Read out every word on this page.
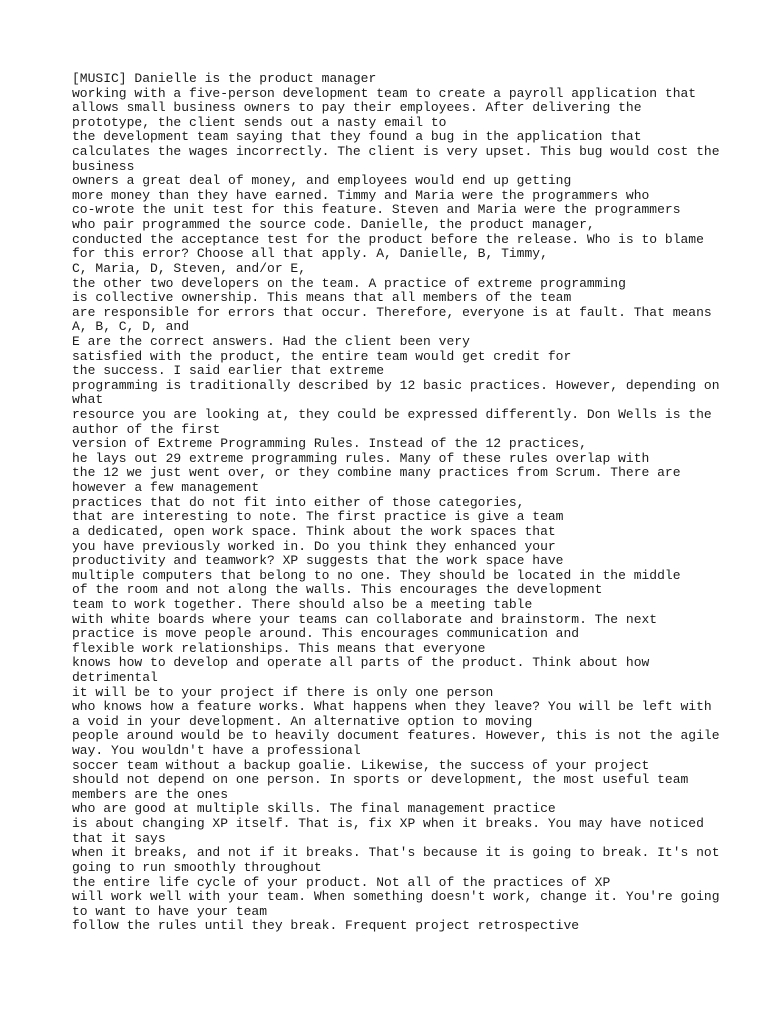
[MUSIC] Danielle is the product manager
working with a five-person development team to create a payroll application that
allows small business owners to pay their employees. After delivering the
prototype, the client sends out a nasty email to
the development team saying that they found a bug in the application that
calculates the wages incorrectly. The client is very upset. This bug would cost the
business
owners a great deal of money, and employees would end up getting
more money than they have earned. Timmy and Maria were the programmers who
co-wrote the unit test for this feature. Steven and Maria were the programmers
who pair programmed the source code. Danielle, the product manager,
conducted the acceptance test for the product before the release. Who is to blame
for this error? Choose all that apply. A, Danielle, B, Timmy,
C, Maria, D, Steven, and/or E,
the other two developers on the team. A practice of extreme programming
is collective ownership. This means that all members of the team
are responsible for errors that occur. Therefore, everyone is at fault. That means
A, B, C, D, and
E are the correct answers. Had the client been very
satisfied with the product, the entire team would get credit for
the success. I said earlier that extreme
programming is traditionally described by 12 basic practices. However, depending on
what
resource you are looking at, they could be expressed differently. Don Wells is the
author of the first
version of Extreme Programming Rules. Instead of the 12 practices,
he lays out 29 extreme programming rules. Many of these rules overlap with
the 12 we just went over, or they combine many practices from Scrum. There are
however a few management
practices that do not fit into either of those categories,
that are interesting to note. The first practice is give a team
a dedicated, open work space. Think about the work spaces that
you have previously worked in. Do you think they enhanced your
productivity and teamwork? XP suggests that the work space have
multiple computers that belong to no one. They should be located in the middle
of the room and not along the walls. This encourages the development
team to work together. There should also be a meeting table
with white boards where your teams can collaborate and brainstorm. The next
practice is move people around. This encourages communication and
flexible work relationships. This means that everyone
knows how to develop and operate all parts of the product. Think about how
detrimental
it will be to your project if there is only one person
who knows how a feature works. What happens when they leave? You will be left with
a void in your development. An alternative option to moving
people around would be to heavily document features. However, this is not the agile
way. You wouldn't have a professional
soccer team without a backup goalie. Likewise, the success of your project
should not depend on one person. In sports or development, the most useful team
members are the ones
who are good at multiple skills. The final management practice
is about changing XP itself. That is, fix XP when it breaks. You may have noticed
that it says
when it breaks, and not if it breaks. That's because it is going to break. It's not
going to run smoothly throughout
the entire life cycle of your product. Not all of the practices of XP
will work well with your team. When something doesn't work, change it. You're going
to want to have your team
follow the rules until they break. Frequent project retrospective
